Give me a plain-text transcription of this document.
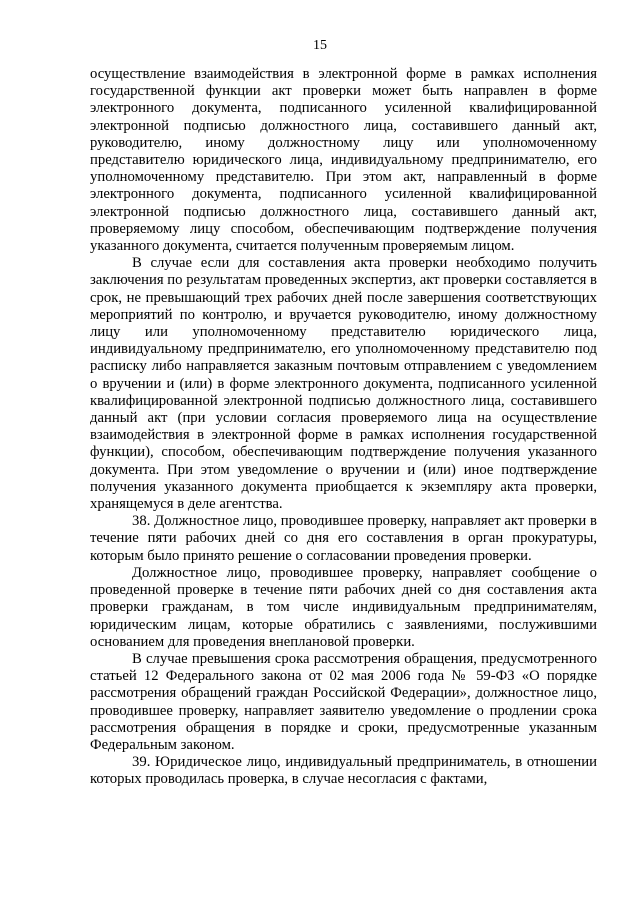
15

осуществление взаимодействия в электронной форме в рамках исполнения государственной функции акт проверки может быть направлен в форме электронного документа, подписанного усиленной квалифицированной электронной подписью должностного лица, составившего данный акт, руководителю, иному должностному лицу или уполномоченному представителю юридического лица, индивидуальному предпринимателю, его уполномоченному представителю. При этом акт, направленный в форме электронного документа, подписанного усиленной квалифицированной электронной подписью должностного лица, составившего данный акт, проверяемому лицу способом, обеспечивающим подтверждение получения указанного документа, считается полученным проверяемым лицом.

В случае если для составления акта проверки необходимо получить заключения по результатам проведенных экспертиз, акт проверки составляется в срок, не превышающий трех рабочих дней после завершения соответствующих мероприятий по контролю, и вручается руководителю, иному должностному лицу или уполномоченному представителю юридического лица, индивидуальному предпринимателю, его уполномоченному представителю под расписку либо направляется заказным почтовым отправлением с уведомлением о вручении и (или) в форме электронного документа, подписанного усиленной квалифицированной электронной подписью должностного лица, составившего данный акт (при условии согласия проверяемого лица на осуществление взаимодействия в электронной форме в рамках исполнения государственной функции), способом, обеспечивающим подтверждение получения указанного документа. При этом уведомление о вручении и (или) иное подтверждение получения указанного документа приобщается к экземпляру акта проверки, хранящемуся в деле агентства.

38. Должностное лицо, проводившее проверку, направляет акт проверки в течение пяти рабочих дней со дня его составления в орган прокуратуры, которым было принято решение о согласовании проведения проверки.

Должностное лицо, проводившее проверку, направляет сообщение о проведенной проверке в течение пяти рабочих дней со дня составления акта проверки гражданам, в том числе индивидуальным предпринимателям, юридическим лицам, которые обратились с заявлениями, послужившими основанием для проведения внеплановой проверки.

В случае превышения срока рассмотрения обращения, предусмотренного статьей 12 Федерального закона от 02 мая 2006 года № 59-ФЗ «О порядке рассмотрения обращений граждан Российской Федерации», должностное лицо, проводившее проверку, направляет заявителю уведомление о продлении срока рассмотрения обращения в порядке и сроки, предусмотренные указанным Федеральным законом.

39. Юридическое лицо, индивидуальный предприниматель, в отношении которых проводилась проверка, в случае несогласия с фактами,
